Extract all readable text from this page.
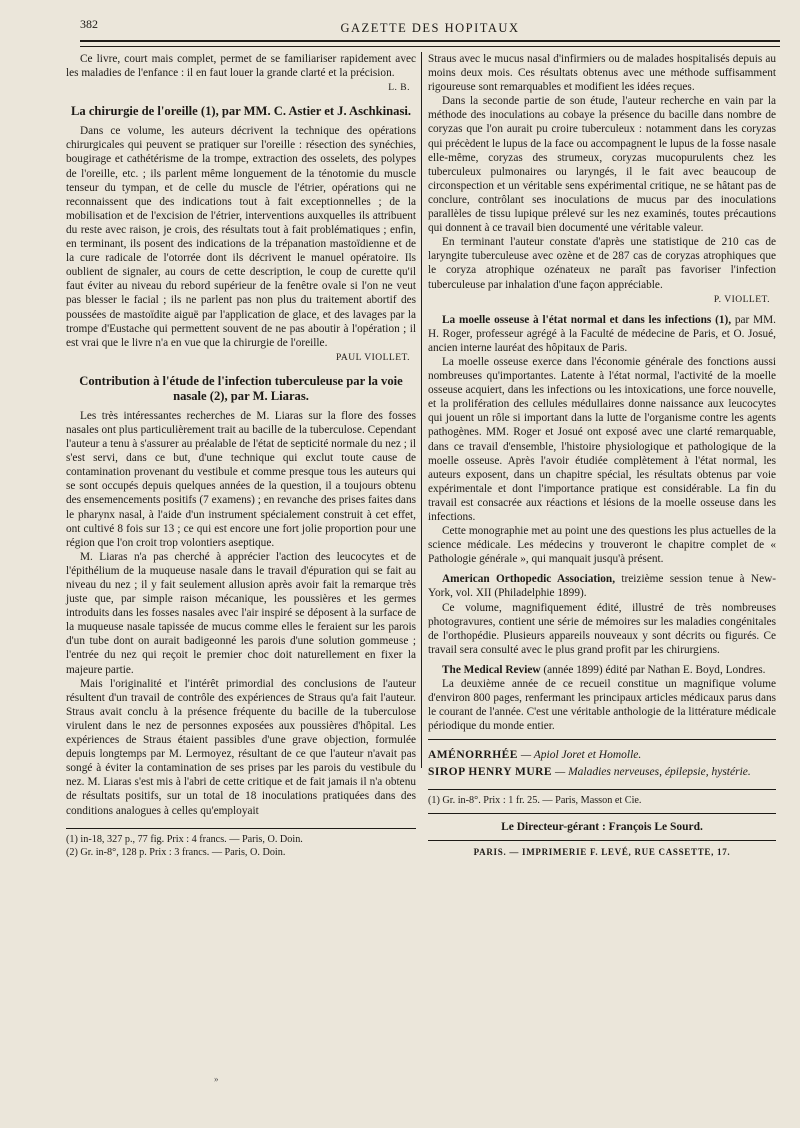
382	GAZETTE DES HOPITAUX

Ce livre, court mais complet, permet de se familiariser rapidement avec les maladies de l'enfance : il en faut louer la grande clarté et la précision.

L. B.
La chirurgie de l'oreille (1), par MM. C. Astier et J. Aschkinasi.

Dans ce volume, les auteurs décrivent la technique des opérations chirurgicales qui peuvent se pratiquer sur l'oreille : résection des synéchies, bougirage et cathétérisme de la trompe, extraction des osselets, des polypes de l'oreille, etc. ; ils parlent même longuement de la ténotomie du muscle tenseur du tympan, et de celle du muscle de l'étrier, opérations qui ne reconnaissent que des indications tout à fait exceptionnelles ; de la mobilisation et de l'excision de l'étrier, interventions auxquelles ils attribuent du reste avec raison, je crois, des résultats tout à fait problématiques ; enfin, en terminant, ils posent des indications de la trépanation mastoïdienne et de la cure radicale de l'otorrée dont ils décrivent le manuel opératoire. Ils oublient de signaler, au cours de cette description, le coup de curette qu'il faut éviter au niveau du rebord supérieur de la fenêtre ovale si l'on ne veut pas blesser le facial ; ils ne parlent pas non plus du traitement abortif des poussées de mastoïdite aiguë par l'application de glace, et des lavages par la trompe d'Eustache qui permettent souvent de ne pas aboutir à l'opération ; il est vrai que le livre n'a en vue que la chirurgie de l'oreille.

PAUL VIOLLET.
Contribution à l'étude de l'infection tuberculeuse par la voie nasale (2), par M. Liaras.

Les très intéressantes recherches de M. Liaras sur la flore des fosses nasales ont plus particulièrement trait au bacille de la tuberculose. Cependant l'auteur a tenu à s'assurer au préalable de l'état de septicité normale du nez ; il s'est servi, dans ce but, d'une technique qui exclut toute cause de contamination provenant du vestibule et comme presque tous les auteurs qui se sont occupés depuis quelques années de la question, il a toujours obtenu des ensemencements positifs (7 examens) ; en revanche des prises faites dans le pharynx nasal, à l'aide d'un instrument spécialement construit à cet effet, ont cultivé 8 fois sur 13 ; ce qui est encore une fort jolie proportion pour une région que l'on croit trop volontiers aseptique.

M. Liaras n'a pas cherché à apprécier l'action des leucocytes et de l'épithélium de la muqueuse nasale dans le travail d'épuration qui se fait au niveau du nez ; il y fait seulement allusion après avoir fait la remarque très juste que, par simple raison mécanique, les poussières et les germes introduits dans les fosses nasales avec l'air inspiré se déposent à la surface de la muqueuse nasale tapissée de mucus comme elles le feraient sur les parois d'un tube dont on aurait badigeonné les parois d'une solution gommeuse ; l'entrée du nez qui reçoit le premier choc doit naturellement en fixer la majeure partie.

Mais l'originalité et l'intérêt primordial des conclusions de l'auteur résultent d'un travail de contrôle des expériences de Straus qu'a fait l'auteur. Straus avait conclu à la présence fréquente du bacille de la tuberculose virulent dans le nez de personnes exposées aux poussières d'hôpital. Les expériences de Straus étaient passibles d'une grave objection, formulée depuis longtemps par M. Lermoyez, résultant de ce que l'auteur n'avait pas songé à éviter la contamination de ses prises par les parois du vestibule du nez. M. Liaras s'est mis à l'abri de cette critique et de fait jamais il n'a obtenu de résultats positifs, sur un total de 18 inoculations pratiquées dans des conditions analogues à celles qu'employait

(1) in-18, 327 p., 77 fig. Prix : 4 francs. — Paris, O. Doin.
(2) Gr. in-8°, 128 p. Prix : 3 francs. — Paris, O. Doin.

Straus avec le mucus nasal d'infirmiers ou de malades hospitalisés depuis au moins deux mois. Ces résultats obtenus avec une méthode suffisamment rigoureuse sont remarquables et modifient les idées reçues.

Dans la seconde partie de son étude, l'auteur recherche en vain par la méthode des inoculations au cobaye la présence du bacille dans nombre de coryzas que l'on aurait pu croire tuberculeux : notamment dans les coryzas qui précèdent le lupus de la face ou accompagnent le lupus de la fosse nasale elle-même, coryzas des strumeux, coryzas mucopurulents chez les tuberculeux pulmonaires ou laryngés, il le fait avec beaucoup de circonspection et un véritable sens expérimental critique, ne se hâtant pas de conclure, contrôlant ses inoculations de mucus par des inoculations parallèles de tissu lupique prélevé sur les nez examinés, toutes précautions qui donnent à ce travail bien documenté une véritable valeur.

En terminant l'auteur constate d'après une statistique de 210 cas de laryngite tuberculeuse avec ozène et de 287 cas de coryzas atrophiques que le coryza atrophique ozénateux ne paraît pas favoriser l'infection tuberculeuse par inhalation d'une façon appréciable.

P. VIOLLET.

La moelle osseuse à l'état normal et dans les infections (1), par MM. H. Roger, professeur agrégé à la Faculté de médecine de Paris, et O. Josué, ancien interne lauréat des hôpitaux de Paris.

La moelle osseuse exerce dans l'économie générale des fonctions aussi nombreuses qu'importantes. Latente à l'état normal, l'activité de la moelle osseuse acquiert, dans les infections ou les intoxications, une force nouvelle, et la prolifération des cellules médullaires donne naissance aux leucocytes qui jouent un rôle si important dans la lutte de l'organisme contre les agents pathogènes. MM. Roger et Josué ont exposé avec une clarté remarquable, dans ce travail d'ensemble, l'histoire physiologique et pathologique de la moelle osseuse. Après l'avoir étudiée complètement à l'état normal, les auteurs exposent, dans un chapitre spécial, les résultats obtenus par voie expérimentale et dont l'importance pratique est considérable. La fin du travail est consacrée aux réactions et lésions de la moelle osseuse dans les infections.

Cette monographie met au point une des questions les plus actuelles de la science médicale. Les médecins y trouveront le chapitre complet de « Pathologie générale », qui manquait jusqu'à présent.

American Orthopedic Association, treizième session tenue à New-York, vol. XII (Philadelphie 1899).

Ce volume, magnifiquement édité, illustré de très nombreuses photogravures, contient une série de mémoires sur les maladies congénitales de l'orthopédie. Plusieurs appareils nouveaux y sont décrits ou figurés. Ce travail sera consulté avec le plus grand profit par les chirurgiens.

The Medical Review (année 1899) édité par Nathan E. Boyd, Londres.

La deuxième année de ce recueil constitue un magnifique volume d'environ 800 pages, renfermant les principaux articles médicaux parus dans le courant de l'année. C'est une véritable anthologie de la littérature médicale périodique du monde entier.

AMÉNORRHÉE — Apiol Joret et Homolle.
SIROP HENRY MURE — Maladies nerveuses, épilepsie, hystérie.
(1) Gr. in-8°. Prix : 1 fr. 25. — Paris, Masson et Cie.
Le Directeur-gérant : François Le Sourd.
PARIS. — IMPRIMERIE F. LEVÉ, RUE CASSETTE, 17.
»
